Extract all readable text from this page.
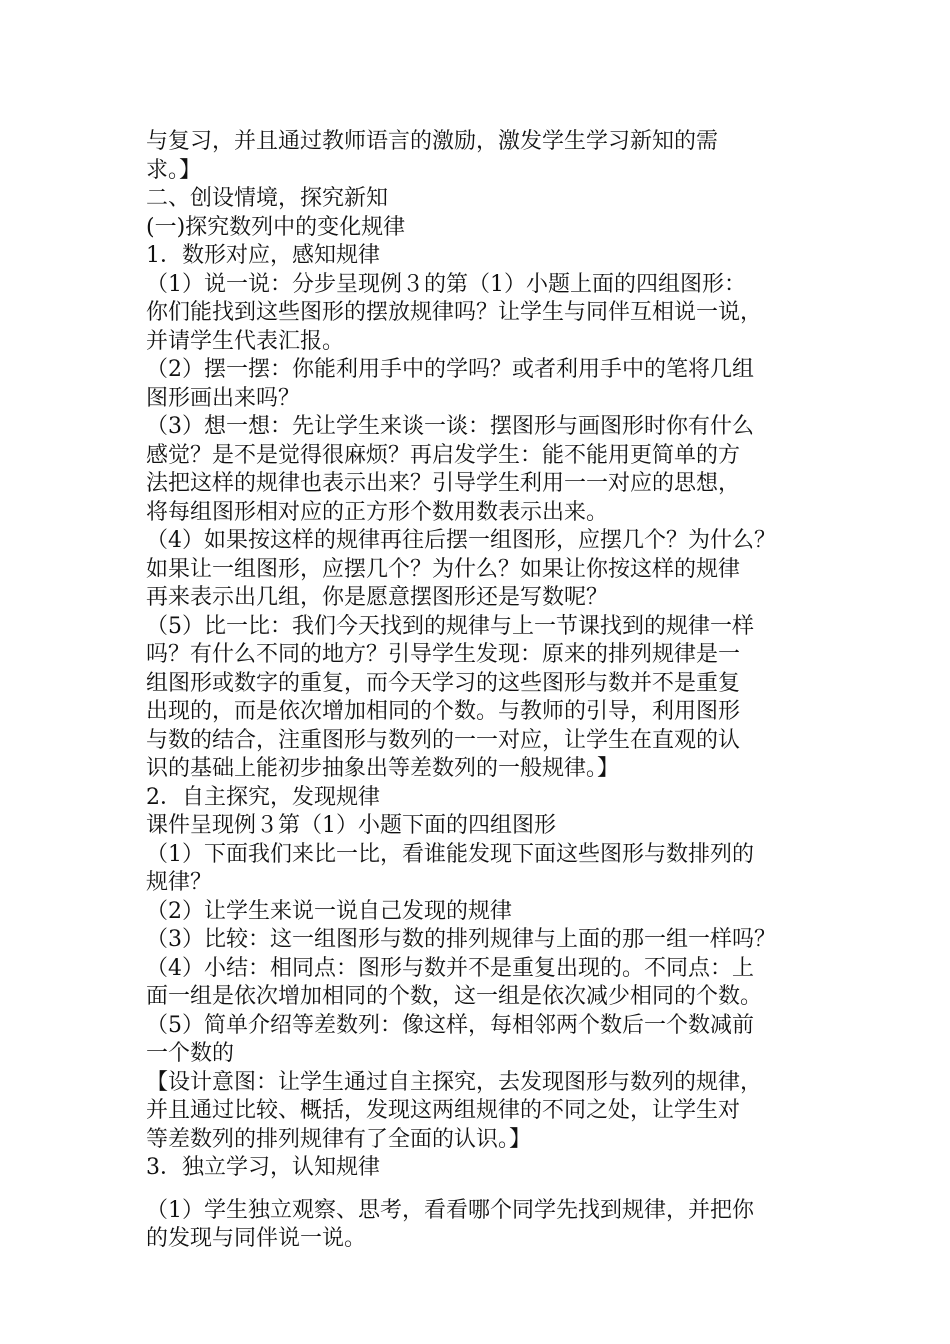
与复习，并且通过教师语言的激励，激发学生学习新知的需
求。】
二、创设情境，探究新知
(一)探究数列中的变化规律
1．数形对应，感知规律
（1）说一说：分步呈现例３的第（1）小题上面的四组图形：
你们能找到这些图形的摆放规律吗？让学生与同伴互相说一说，
并请学生代表汇报。
（2）摆一摆：你能利用手中的学吗？或者利用手中的笔将几组
图形画出来吗？
（3）想一想：先让学生来谈一谈：摆图形与画图形时你有什么
感觉？是不是觉得很麻烦？再启发学生：能不能用更简单的方
法把这样的规律也表示出来？引导学生利用一一对应的思想，
将每组图形相对应的正方形个数用数表示出来。
（4）如果按这样的规律再往后摆一组图形，应摆几个？为什么？
如果让一组图形，应摆几个？为什么？如果让你按这样的规律
再来表示出几组，你是愿意摆图形还是写数呢？
（5）比一比：我们今天找到的规律与上一节课找到的规律一样
吗？有什么不同的地方？引导学生发现：原来的排列规律是一
组图形或数字的重复，而今天学习的这些图形与数并不是重复
出现的，而是依次增加相同的个数。与教师的引导，利用图形
与数的结合，注重图形与数列的一一对应，让学生在直观的认
识的基础上能初步抽象出等差数列的一般规律。】
2．自主探究，发现规律
课件呈现例３第（1）小题下面的四组图形
（1）下面我们来比一比，看谁能发现下面这些图形与数排列的
规律？
（2）让学生来说一说自己发现的规律
（3）比较：这一组图形与数的排列规律与上面的那一组一样吗？
（4）小结：相同点：图形与数并不是重复出现的。不同点：上
面一组是依次增加相同的个数，这一组是依次减少相同的个数。
（5）简单介绍等差数列：像这样，每相邻两个数后一个数减前
一个数的
【设计意图：让学生通过自主探究，去发现图形与数列的规律，
并且通过比较、概括，发现这两组规律的不同之处，让学生对
等差数列的排列规律有了全面的认识。】
3．独立学习，认知规律
（1）学生独立观察、思考，看看哪个同学先找到规律，并把你
的发现与同伴说一说。
